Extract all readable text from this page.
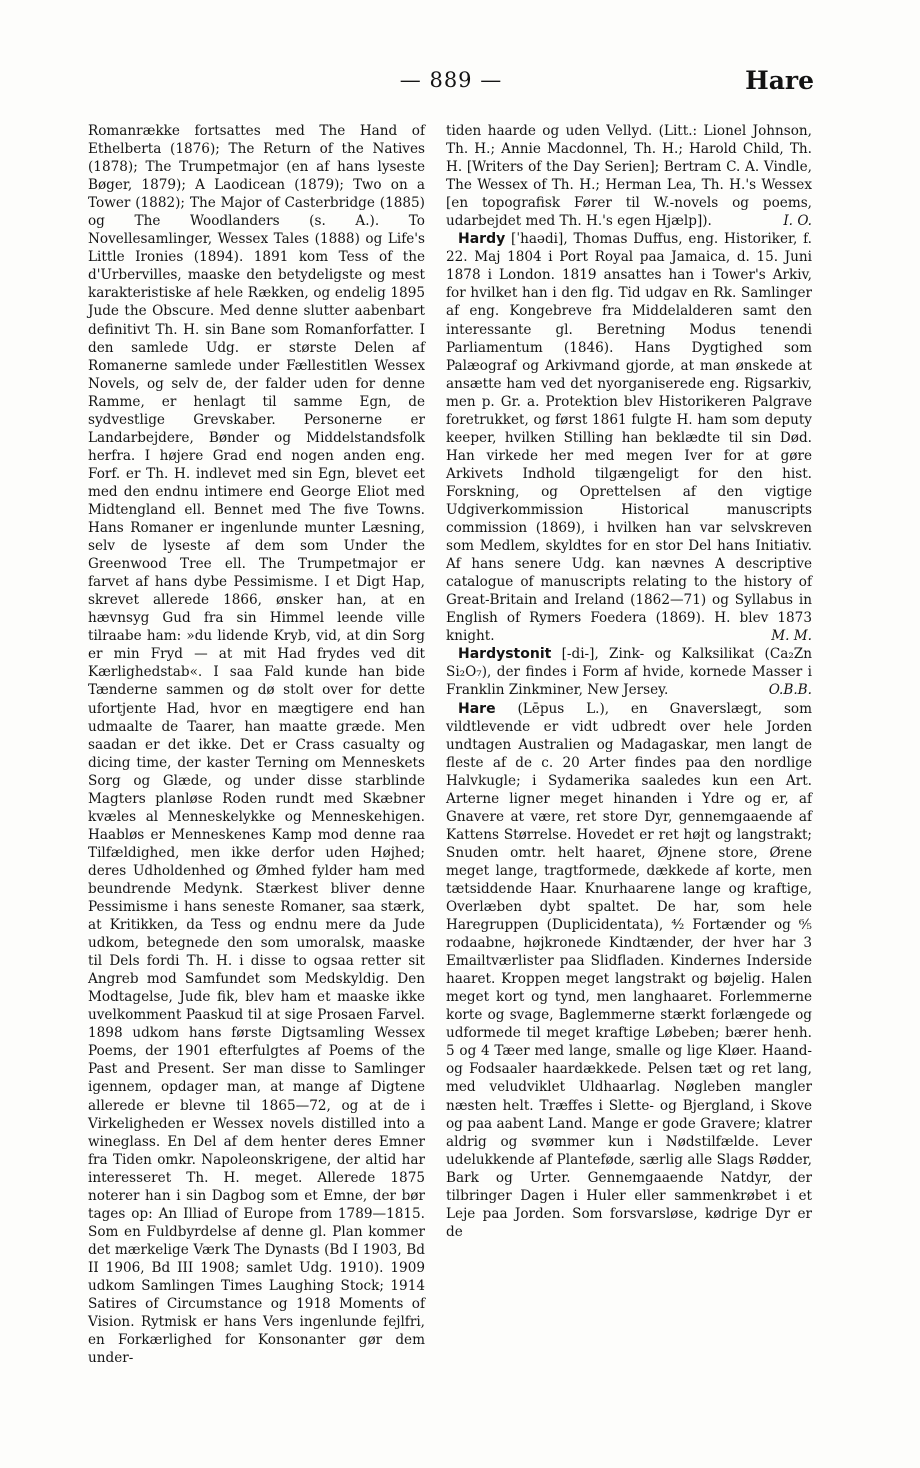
— 889 —	Hare

Romanrække fortsattes med The Hand of Ethelberta (1876); The Return of the Natives (1878); The Trumpetmajor (en af hans lyseste Bøger, 1879); A Laodicean (1879); Two on a Tower (1882); The Major of Casterbridge (1885) og The Woodlanders (s. A.). To Novellesamlinger, Wessex Tales (1888) og Life's Little Ironies (1894). 1891 kom Tess of the d'Urbervilles, maaske den betydeligste og mest karakteristiske af hele Rækken, og endelig 1895 Jude the Obscure. Med denne slutter aabenbart definitivt Th. H. sin Bane som Romanforfatter. I den samlede Udg. er største Delen af Romanerne samlede under Fællestitlen Wessex Novels, og selv de, der falder uden for denne Ramme, er henlagt til samme Egn, de sydvestlige Grevskaber. Personerne er Landarbejdere, Bønder og Middelstandsfolk herfra. I højere Grad end nogen anden eng. Forf. er Th. H. indlevet med sin Egn, blevet eet med den endnu intimere end George Eliot med Midtengland ell. Bennet med The five Towns. Hans Romaner er ingenlunde munter Læsning, selv de lyseste af dem som Under the Greenwood Tree ell. The Trumpetmajor er farvet af hans dybe Pessimisme. I et Digt Hap, skrevet allerede 1866, ønsker han, at en hævnsyg Gud fra sin Himmel leende ville tilraabe ham: »du lidende Kryb, vid, at din Sorg er min Fryd — at mit Had frydes ved dit Kærlighedstab«. I saa Fald kunde han bide Tænderne sammen og dø stolt over for dette ufortjente Had, hvor en mægtigere end han udmaalte de Taarer, han maatte græde. Men saadan er det ikke. Det er Crass casualty og dicing time, der kaster Terning om Menneskets Sorg og Glæde, og under disse starblinde Magters planløse Roden rundt med Skæbner kvæles al Menneskelykke og Menneskehigen. Haabløs er Menneskenes Kamp mod denne raa Tilfældighed, men ikke derfor uden Højhed; deres Udholdenhed og Ømhed fylder ham med beundrende Medynk. Stærkest bliver denne Pessimisme i hans seneste Romaner, saa stærk, at Kritikken, da Tess og endnu mere da Jude udkom, betegnede den som umoralsk, maaske til Dels fordi Th. H. i disse to ogsaa retter sit Angreb mod Samfundet som Medskyldig. Den Modtagelse, Jude fik, blev ham et maaske ikke uvelkomment Paaskud til at sige Prosaen Farvel. 1898 udkom hans første Digtsamling Wessex Poems, der 1901 efterfulgtes af Poems of the Past and Present. Ser man disse to Samlinger igennem, opdager man, at mange af Digtene allerede er blevne til 1865—72, og at de i Virkeligheden er Wessex novels distilled into a wineglass. En Del af dem henter deres Emner fra Tiden omkr. Napoleonskrigene, der altid har interesseret Th. H. meget. Allerede 1875 noterer han i sin Dagbog som et Emne, der bør tages op: An Illiad of Europe from 1789—1815. Som en Fuldbyrdelse af denne gl. Plan kommer det mærkelige Værk The Dynasts (Bd I 1903, Bd II 1906, Bd III 1908; samlet Udg. 1910). 1909 udkom Samlingen Times Laughing Stock; 1914 Satires of Circumstance og 1918 Moments of Vision. Rytmisk er hans Vers ingenlunde fejlfri, en Forkærlighed for Konsonanter gør dem under-

tiden haarde og uden Vellyd. (Litt.: Lionel Johnson, Th. H.; Annie Macdonnel, Th. H.; Harold Child, Th. H. [Writers of the Day Serien]; Bertram C. A. Vindle, The Wessex of Th. H.; Herman Lea, Th. H.'s Wessex [en topografisk Fører til W.-novels og poems, udarbejdet med Th. H.'s egen Hjælp]).	I. O.

Hardy [ˈhaədi], Thomas Duffus, eng. Historiker, f. 22. Maj 1804 i Port Royal paa Jamaica, d. 15. Juni 1878 i London. 1819 ansattes han i Tower's Arkiv, for hvilket han i den flg. Tid udgav en Rk. Samlinger af eng. Kongebreve fra Middelalderen samt den interessante gl. Beretning Modus tenendi Parliamentum (1846). Hans Dygtighed som Palæograf og Arkivmand gjorde, at man ønskede at ansætte ham ved det nyorganiserede eng. Rigsarkiv, men p. Gr. a. Protektion blev Historikeren Palgrave foretrukket, og først 1861 fulgte H. ham som deputy keeper, hvilken Stilling han beklædte til sin Død. Han virkede her med megen Iver for at gøre Arkivets Indhold tilgængeligt for den hist. Forskning, og Oprettelsen af den vigtige Udgiverkommission Historical manuscripts commission (1869), i hvilken han var selvskreven som Medlem, skyldtes for en stor Del hans Initiativ. Af hans senere Udg. kan nævnes A descriptive catalogue of manuscripts relating to the history of Great-Britain and Ireland (1862—71) og Syllabus in English of Rymers Foedera (1869). H. blev 1873 knight.	M. M.

Hardystonit [-di-], Zink- og Kalksilikat (Ca₂Zn Si₂O₇), der findes i Form af hvide, kornede Masser i Franklin Zinkminer, New Jersey.	O.B.B.

Hare (Lēpus L.), en Gnaverslægt, som vildtlevende er vidt udbredt over hele Jorden undtagen Australien og Madagaskar, men langt de fleste af de c. 20 Arter findes paa den nordlige Halvkugle; i Sydamerika saaledes kun een Art. Arterne ligner meget hinanden i Ydre og er, af Gnavere at være, ret store Dyr, gennemgaaende af Kattens Størrelse. Hovedet er ret højt og langstrakt; Snuden omtr. helt haaret, Øjnene store, Ørene meget lange, tragtformede, dækkede af korte, men tætsiddende Haar. Knurhaarene lange og kraftige, Overlæben dybt spaltet. De har, som hele Haregruppen (Duplicidentata), ⁴⁄₂ Fortænder og ⁶⁄₅ rodaabne, højkronede Kindtænder, der hver har 3 Emailtværlister paa Slidfladen. Kindernes Inderside haaret. Kroppen meget langstrakt og bøjelig. Halen meget kort og tynd, men langhaaret. Forlemmerne korte og svage, Baglemmerne stærkt forlængede og udformede til meget kraftige Løbeben; bærer henh. 5 og 4 Tæer med lange, smalle og lige Kløer. Haand- og Fodsaaler haardækkede. Pelsen tæt og ret lang, med veludviklet Uldhaarlag. Nøgleben mangler næsten helt. Træffes i Slette- og Bjergland, i Skove og paa aabent Land. Mange er gode Gravere; klatrer aldrig og svømmer kun i Nødstilfælde. Lever udelukkende af Planteføde, særlig alle Slags Rødder, Bark og Urter. Gennemgaaende Natdyr, der tilbringer Dagen i Huler eller sammenkrøbet i et Leje paa Jorden. Som forsvarsløse, kødrige Dyr er de
